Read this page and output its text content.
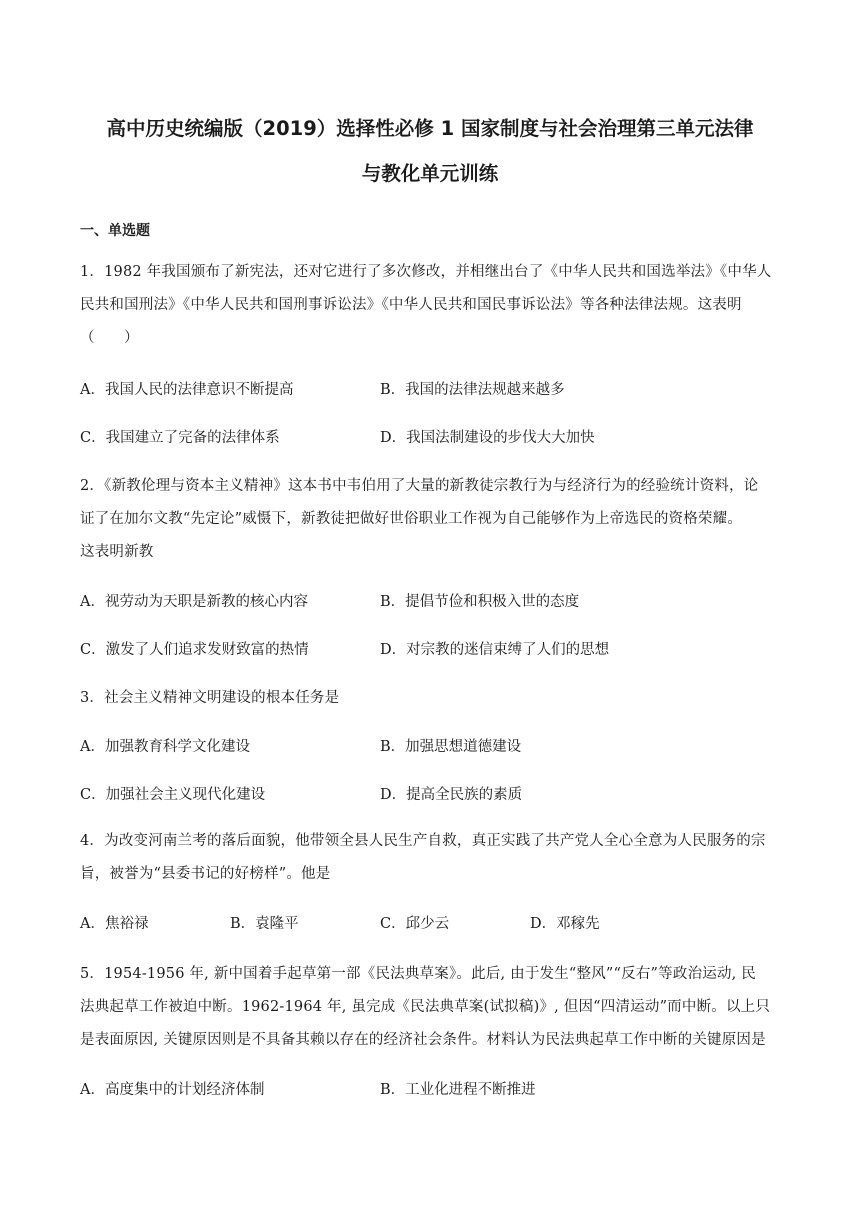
高中历史统编版（2019）选择性必修 1 国家制度与社会治理第三单元法律
与教化单元训练
一、单选题
1．1982 年我国颁布了新宪法，还对它进行了多次修改，并相继出台了《中华人民共和国选举法》《中华人
民共和国刑法》《中华人民共和国刑事诉讼法》《中华人民共和国民事诉讼法》等各种法律法规。这表明
（　　）
A．我国人民的法律意识不断提高	B．我国的法律法规越来越多
C．我国建立了完备的法律体系	D．我国法制建设的步伐大大加快
2．《新教伦理与资本主义精神》这本书中韦伯用了大量的新教徒宗教行为与经济行为的经验统计资料，论
证了在加尔文教“先定论”威慑下，新教徒把做好世俗职业工作视为自己能够作为上帝选民的资格荣耀。
这表明新教
A．视劳动为天职是新教的核心内容	B．提倡节俭和积极入世的态度
C．激发了人们追求发财致富的热情	D．对宗教的迷信束缚了人们的思想
3．社会主义精神文明建设的根本任务是
A．加强教育科学文化建设	B．加强思想道德建设
C．加强社会主义现代化建设	D．提高全民族的素质
4．为改变河南兰考的落后面貌，他带领全县人民生产自救，真正实践了共产党人全心全意为人民服务的宗
旨，被誉为“县委书记的好榜样”。他是
A．焦裕禄	B．袁隆平	C．邱少云	D．邓稼先
5．1954-1956 年, 新中国着手起草第一部《民法典草案》。此后, 由于发生“整风”“反右”等政治运动, 民
法典起草工作被迫中断。1962-1964 年, 虽完成《民法典草案(试拟稿)》, 但因“四清运动”而中断。以上只
是表面原因, 关键原因则是不具备其赖以存在的经济社会条件。材料认为民法典起草工作中断的关键原因是
A．高度集中的计划经济体制	B．工业化进程不断推进
